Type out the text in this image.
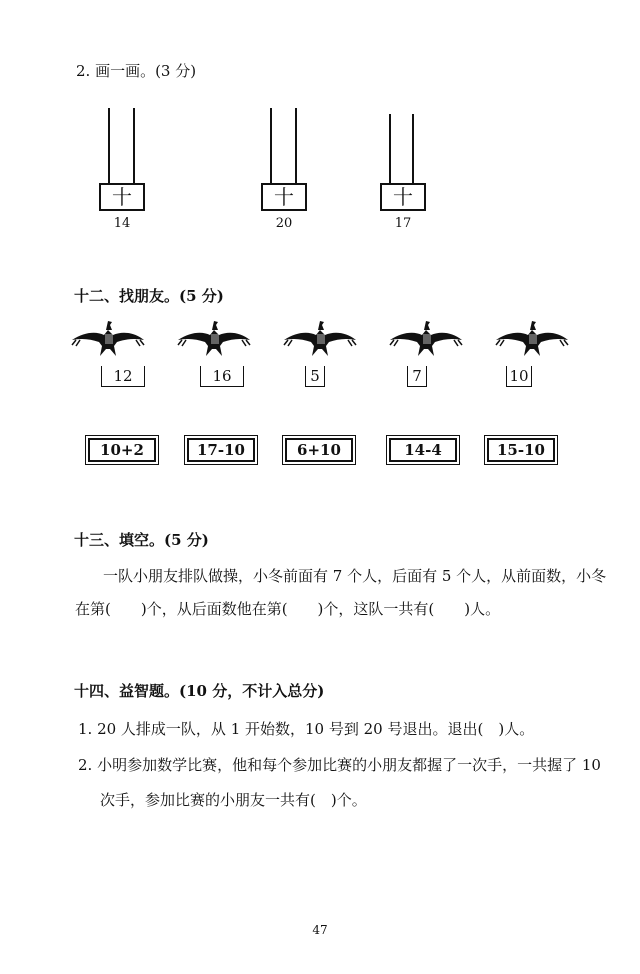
2. 画一画。(3 分)
十
14
十
20
十
17
十二、找朋友。(5 分)
12	16	5	7	10
10+2	17-10	6+10	14-4	15-10
十三、填空。(5 分)
一队小朋友排队做操，小冬前面有 7 个人，后面有 5 个人，从前面数，小冬
在第(　　)个，从后面数他在第(　　)个，这队一共有(　　)人。
十四、益智题。(10 分，不计入总分)
1. 20 人排成一队，从 1 开始数，10 号到 20 号退出。退出(　)人。
2. 小明参加数学比赛，他和每个参加比赛的小朋友都握了一次手，一共握了 10
次手，参加比赛的小朋友一共有(　)个。
47
